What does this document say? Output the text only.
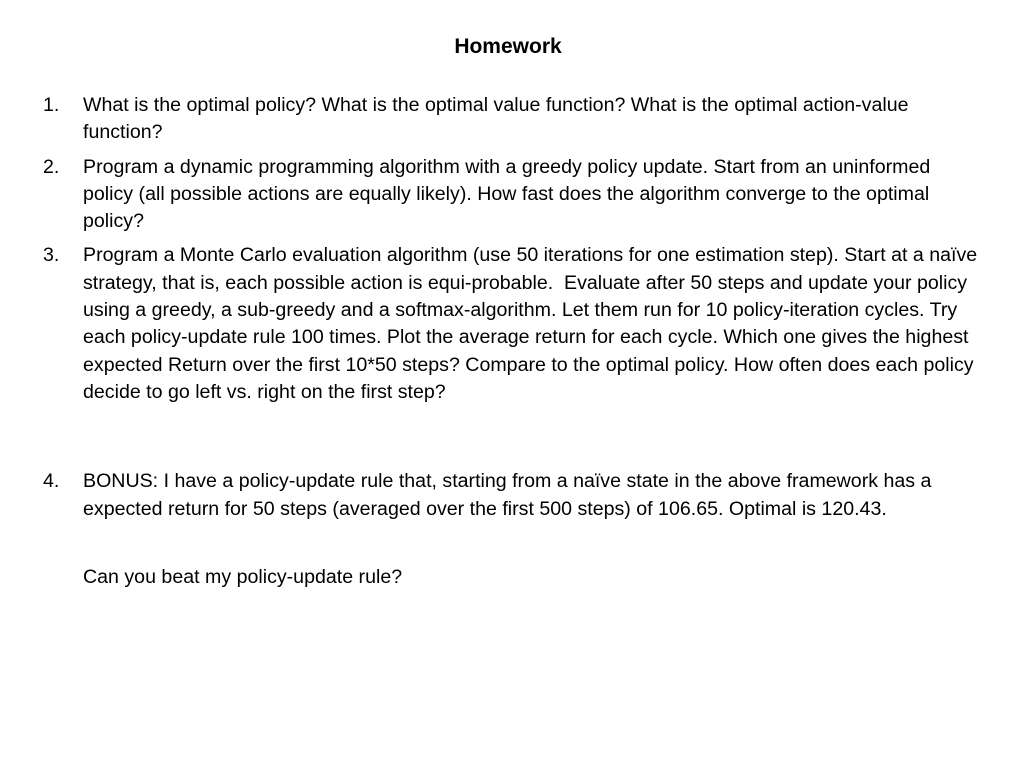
Homework
1. What is the optimal policy? What is the optimal value function? What is the optimal action-value function?
2. Program a dynamic programming algorithm with a greedy policy update. Start from an uninformed policy (all possible actions are equally likely). How fast does the algorithm converge to the optimal policy?
3. Program a Monte Carlo evaluation algorithm (use 50 iterations for one estimation step). Start at a naïve strategy, that is, each possible action is equi-probable.  Evaluate after 50 steps and update your policy using a greedy, a sub-greedy and a softmax-algorithm. Let them run for 10 policy-iteration cycles. Try each policy-update rule 100 times. Plot the average return for each cycle. Which one gives the highest expected Return over the first 10*50 steps? Compare to the optimal policy. How often does each policy decide to go left vs. right on the first step?
4. BONUS: I have a policy-update rule that, starting from a naïve state in the above framework has a expected return for 50 steps (averaged over the first 500 steps) of 106.65. Optimal is 120.43.
Can you beat my policy-update rule?
